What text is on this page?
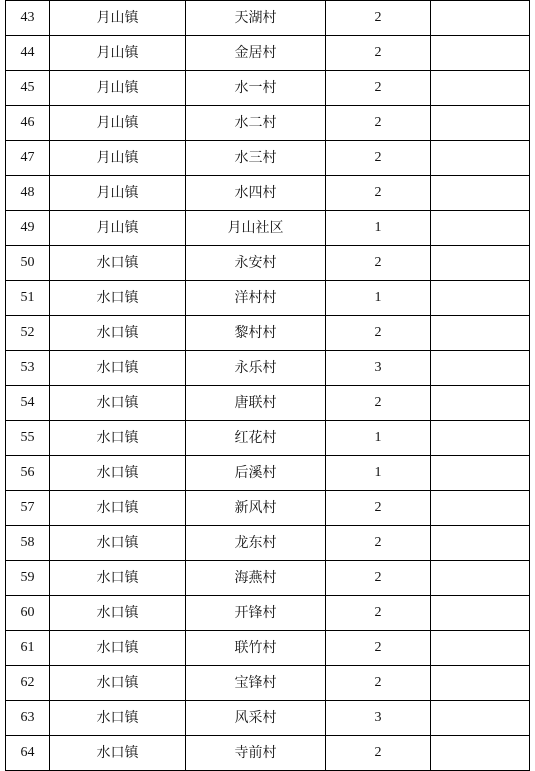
43	月山镇	天湖村	2	
44	月山镇	金居村	2	
45	月山镇	水一村	2	
46	月山镇	水二村	2	
47	月山镇	水三村	2	
48	月山镇	水四村	2	
49	月山镇	月山社区	1	
50	水口镇	永安村	2	
51	水口镇	洋村村	1	
52	水口镇	黎村村	2	
53	水口镇	永乐村	3	
54	水口镇	唐联村	2	
55	水口镇	红花村	1	
56	水口镇	后溪村	1	
57	水口镇	新风村	2	
58	水口镇	龙东村	2	
59	水口镇	海燕村	2	
60	水口镇	开锋村	2	
61	水口镇	联竹村	2	
62	水口镇	宝锋村	2	
63	水口镇	风采村	3	
64	水口镇	寺前村	2	
